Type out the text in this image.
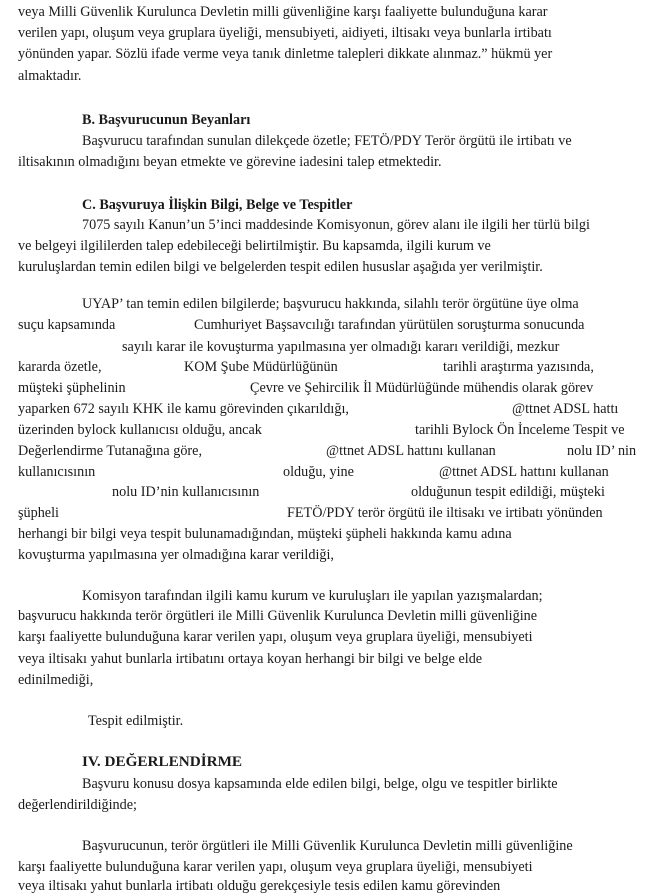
veya Milli Güvenlik Kurulunca Devletin milli güvenliğine karşı faaliyette bulunduğuna karar
verilen yapı, oluşum veya gruplara üyeliği, mensubiyeti, aidiyeti, iltisakı veya bunlarla irtibatı
yönünden yapar. Sözlü ifade verme veya tanık dinletme talepleri dikkate alınmaz.” hükmü yer
almaktadır.
B. Başvurucunun Beyanları
Başvurucu tarafından sunulan dilekçede özetle; FETÖ/PDY Terör örgütü ile irtibatı ve
iltisakının olmadığını beyan etmekte ve görevine iadesini talep etmektedir.
C. Başvuruya İlişkin Bilgi, Belge ve Tespitler
7075 sayılı Kanun’un 5’inci maddesinde Komisyonun, görev alanı ile ilgili her türlü bilgi
ve belgeyi ilgililerden talep edebileceği belirtilmiştir. Bu kapsamda, ilgili kurum ve
kuruluşlardan temin edilen bilgi ve belgelerden tespit edilen hususlar aşağıda yer verilmiştir.
UYAP’ tan temin edilen bilgilerde; başvurucu hakkında, silahlı terör örgütüne üye olma
suçu kapsamında	Cumhuriyet Başsavcılığı tarafından yürütülen soruşturma sonucunda
sayılı karar ile kovuşturma yapılmasına yer olmadığı kararı verildiği, mezkur
kararda özetle,	KOM Şube Müdürlüğünün	tarihli araştırma yazısında,
müşteki şüphelinin	Çevre ve Şehircilik İl Müdürlüğünde mühendis olarak görev
yaparken 672 sayılı KHK ile kamu görevinden çıkarıldığı,	@ttnet ADSL hattı
üzerinden bylock kullanıcısı olduğu, ancak	tarihli Bylock Ön İnceleme Tespit ve
Değerlendirme Tutanağına göre,	@ttnet ADSL hattını kullanan	nolu ID’ nin
kullanıcısının	olduğu, yine	@ttnet ADSL hattını kullanan
nolu ID’nin kullanıcısının	olduğunun tespit edildiği, müşteki
şüpheli	FETÖ/PDY terör örgütü ile iltisakı ve irtibatı yönünden
herhangi bir bilgi veya tespit bulunamadığından, müşteki şüpheli hakkında kamu adına
kovuşturma yapılmasına yer olmadığına karar verildiği,
Komisyon tarafından ilgili kamu kurum ve kuruluşları ile yapılan yazışmalardan;
başvurucu hakkında terör örgütleri ile Milli Güvenlik Kurulunca Devletin milli güvenliğine
karşı faaliyette bulunduğuna karar verilen yapı, oluşum veya gruplara üyeliği, mensubiyeti
veya iltisakı yahut bunlarla irtibatını ortaya koyan herhangi bir bilgi ve belge elde
edinilmediği,
Tespit edilmiştir.
IV. DEĞERLENDİRME
Başvuru konusu dosya kapsamında elde edilen bilgi, belge, olgu ve tespitler birlikte
değerlendirildiğinde;
Başvurucunun, terör örgütleri ile Milli Güvenlik Kurulunca Devletin milli güvenliğine
karşı faaliyette bulunduğuna karar verilen yapı, oluşum veya gruplara üyeliği, mensubiyeti
veya iltisakı yahut bunlarla irtibatı olduğu gerekçesiyle tesis edilen kamu görevinden
